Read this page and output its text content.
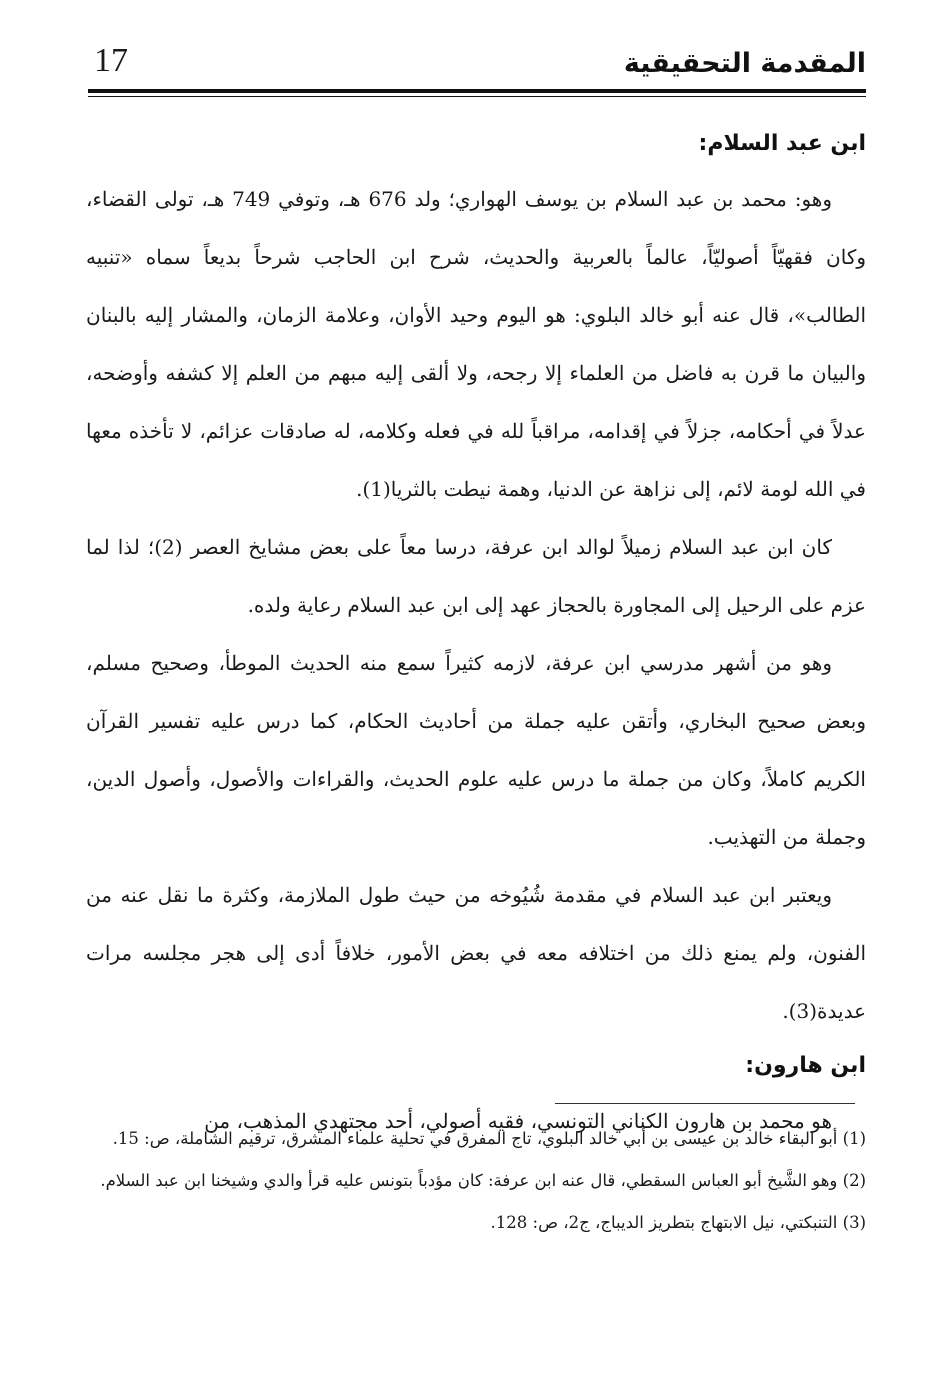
17	المقدمة التحقيقية
ابن عبد السلام:

وهو: محمد بن عبد السلام بن يوسف الهواري؛ ولد 676 هـ، وتوفي 749 هـ، تولى القضاء، وكان فقهيّاً أصوليّاً، عالماً بالعربية والحديث، شرح ابن الحاجب شرحاً بديعاً سماه «تنبيه الطالب»، قال عنه أبو خالد البلوي: هو اليوم وحيد الأوان، وعلامة الزمان، والمشار إليه بالبنان والبيان ما قرن به فاضل من العلماء إلا رجحه، ولا ألقى إليه مبهم من العلم إلا كشفه وأوضحه، عدلاً في أحكامه، جزلاً في إقدامه، مراقباً لله في فعله وكلامه، له صادقات عزائم، لا تأخذه معها في الله لومة لائم، إلى نزاهة عن الدنيا، وهمة نيطت بالثريا(1).

كان ابن عبد السلام زميلاً لوالد ابن عرفة، درسا معاً على بعض مشايخ العصر (2)؛ لذا لما عزم على الرحيل إلى المجاورة بالحجاز عهد إلى ابن عبد السلام رعاية ولده.

وهو من أشهر مدرسي ابن عرفة، لازمه كثيراً سمع منه الحديث الموطأ، وصحيح مسلم، وبعض صحيح البخاري، وأتقن عليه جملة من أحاديث الحكام، كما درس عليه تفسير القرآن الكريم كاملاً، وكان من جملة ما درس عليه علوم الحديث، والقراءات والأصول، وأصول الدين، وجملة من التهذيب.

ويعتبر ابن عبد السلام في مقدمة شُيُوخه من حيث طول الملازمة، وكثرة ما نقل عنه من الفنون، ولم يمنع ذلك من اختلافه معه في بعض الأمور، خلافاً أدى إلى هجر مجلسه مرات عديدة(3).

ابن هارون:

هو محمد بن هارون الكناني التونسي، فقيه أصولي، أحد مجتهدي المذهب، من

(1) أبو البقاء خالد بن عيسى بن أبي خالد البلوي، تاج المفرق في تحلية علماء المشرق، ترقيم الشاملة، ص: 15.

(2) وهو الشَّيخ أبو العباس السقطي، قال عنه ابن عرفة: كان مؤدباً بتونس عليه قرأ والدي وشيخنا ابن عبد السلام.

(3) التنبكتي، نيل الابتهاج بتطريز الديباج، ج2، ص: 128.
